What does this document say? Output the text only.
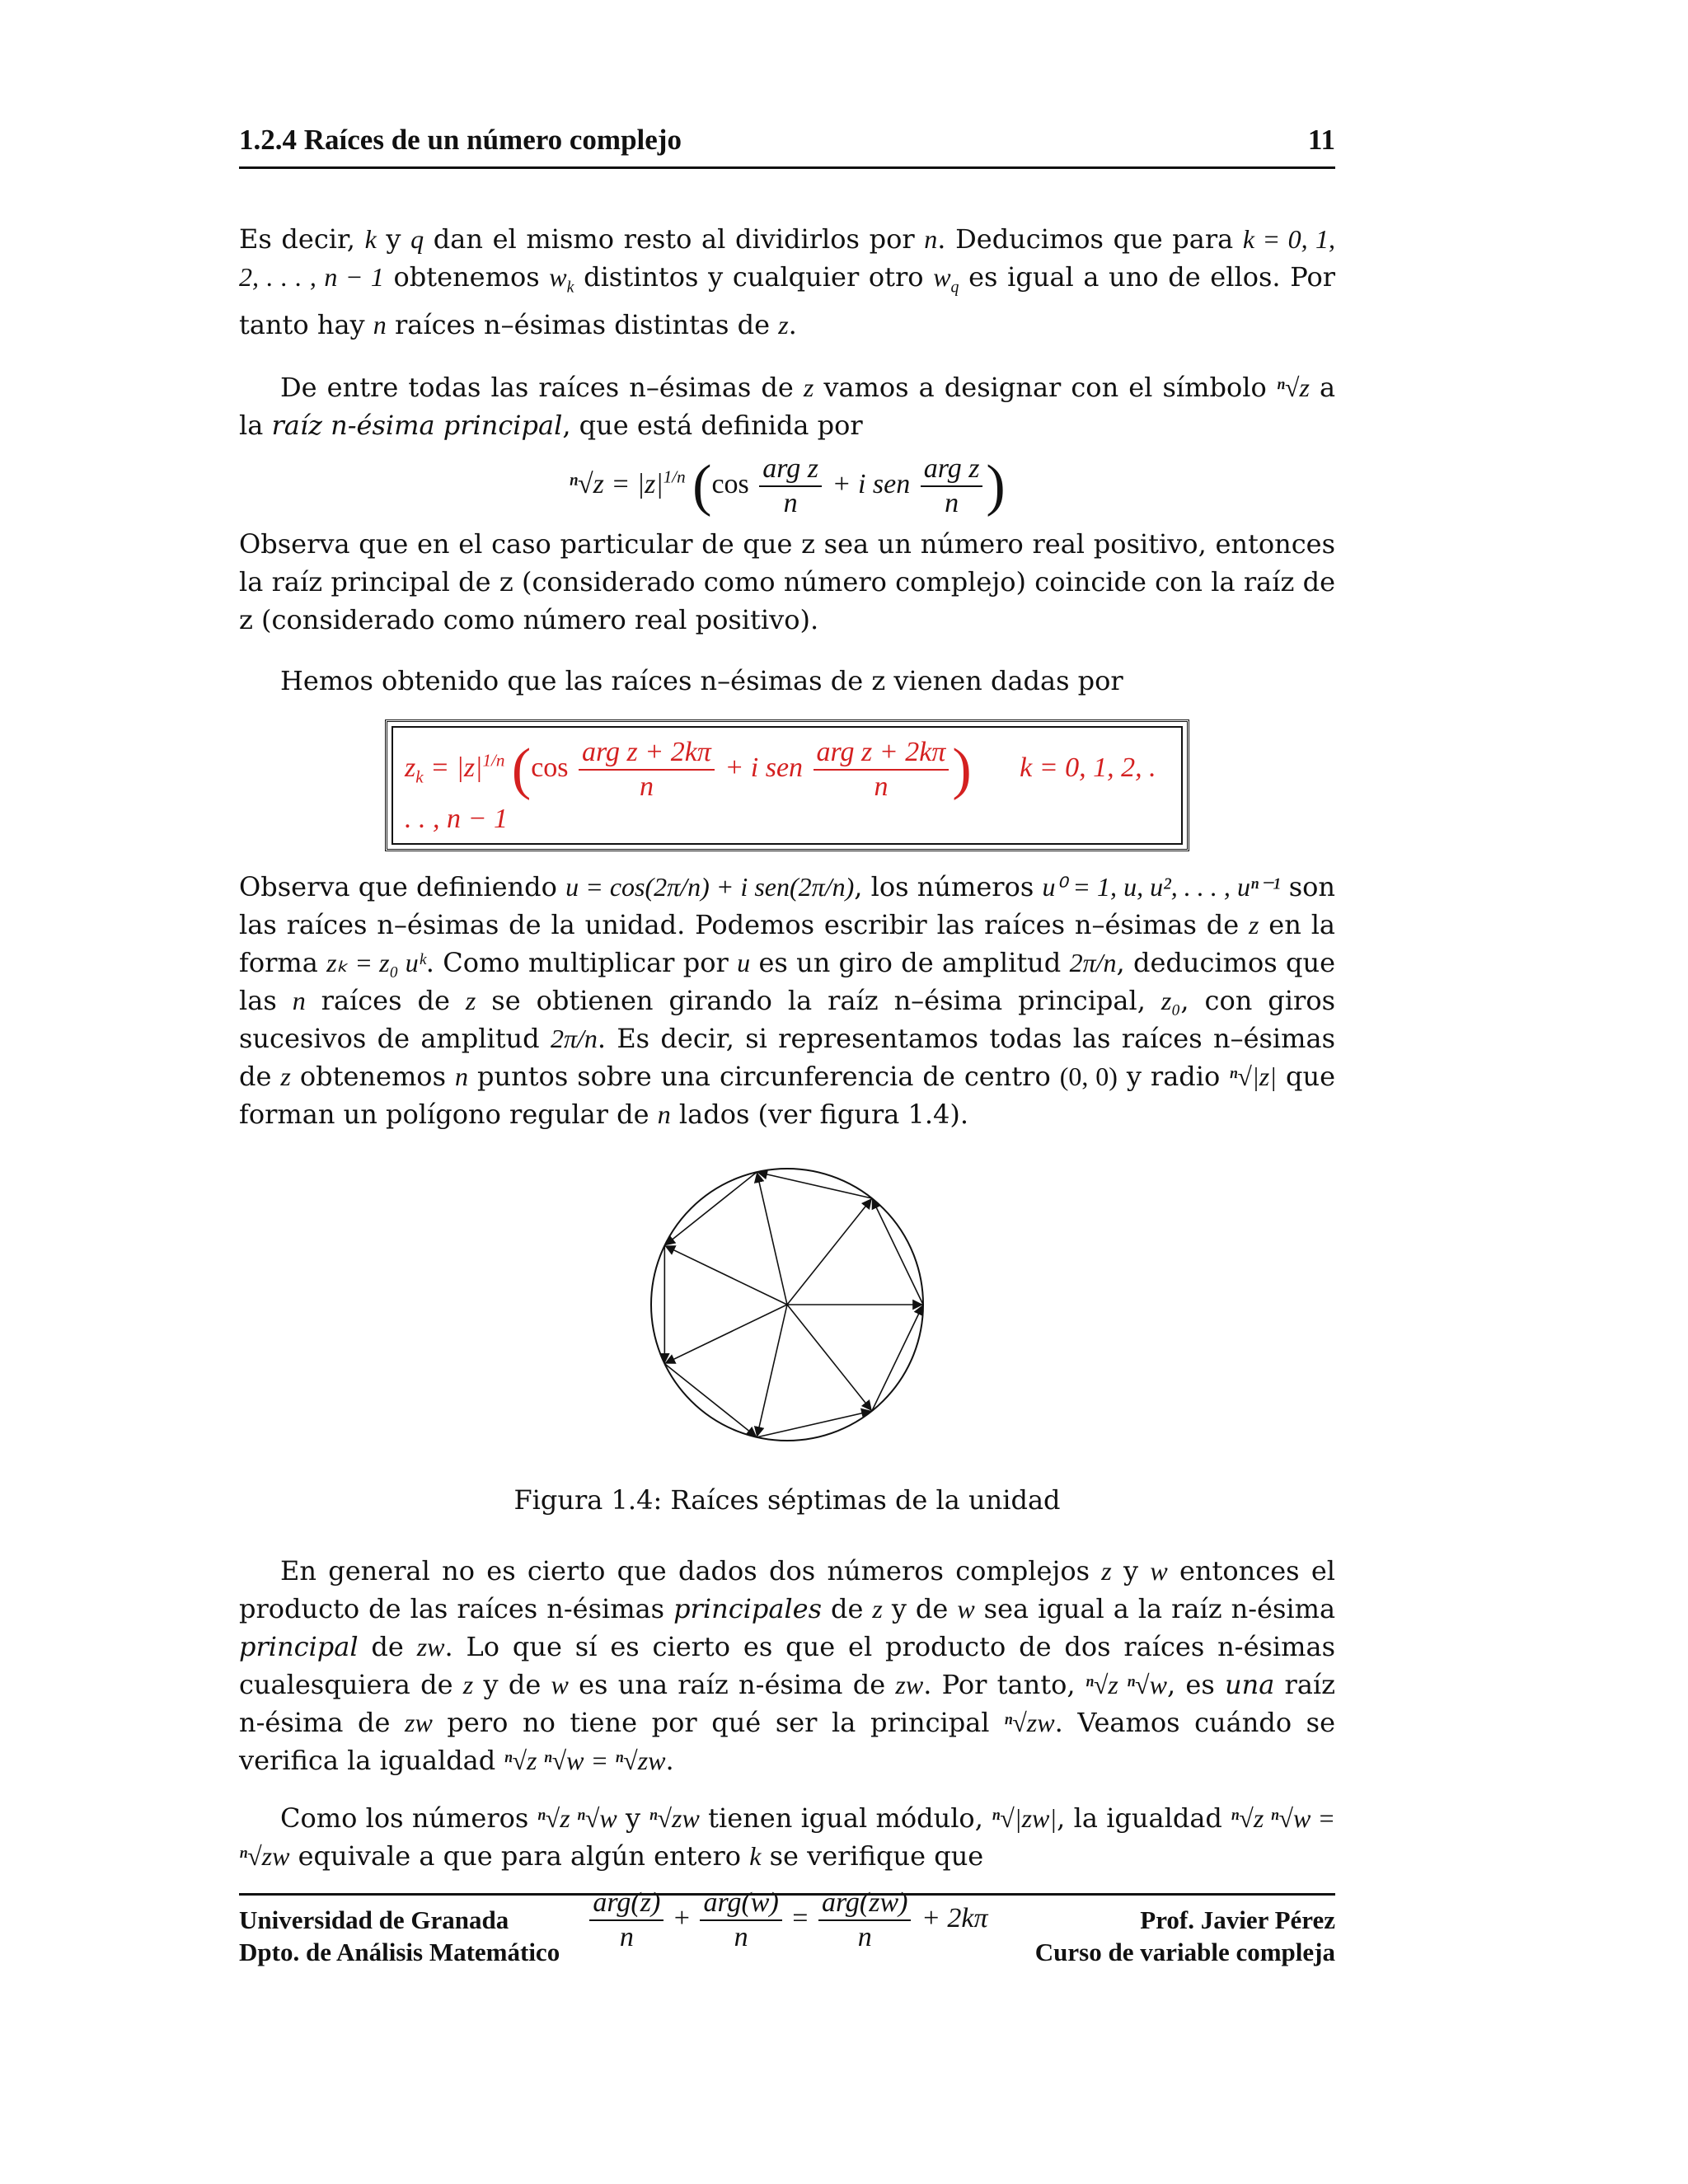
1.2.4 Raíces de un número complejo	11

Es decir, k y q dan el mismo resto al dividirlos por n. Deducimos que para k = 0, 1, 2, . . . , n − 1 obtenemos $w_k$ distintos y cualquier otro $w_q$ es igual a uno de ellos. Por tanto hay n raíces n–ésimas distintas de z.

De entre todas las raíces n–ésimas de z vamos a designar con el símbolo ⁿ√z a la raíz n-ésima principal, que está definida por

$^n√z = |z|^{1/n}$ ($\cos \frac{\text{arg z}}{n} + i$ sen $\frac{\text{arg z}}{n}$ )

Observa que en el caso particular de que z sea un número real positivo, entonces la raíz principal de z (considerado como número complejo) coincide con la raíz de z (considerado como número real positivo).

Hemos obtenido que las raíces n–ésimas de z vienen dadas por

$z_k = |z|^{1/n}$ ($\cos \frac{\text{arg z + 2kπ}}{n} + i$ sen $\frac{\text{arg z + 2kπ}}{n}$ ) k = 0, 1, 2, . . . , n − 1

Observa que definiendo u = cos(2π/n) + i sen(2π/n), los números u⁰ = 1, u, u², . . . , uⁿ⁻¹ son las raíces n–ésimas de la unidad. Podemos escribir las raíces n–ésimas de z en la forma zₖ = z₀ uᵏ. Como multiplicar por u es un giro de amplitud 2π/n, deducimos que las n raíces de z se obtienen girando la raíz n–ésima principal, z₀, con giros sucesivos de amplitud 2π/n. Es decir, si representamos todas las raíces n–ésimas de z obtenemos n puntos sobre una circunferencia de centro (0, 0) y radio ⁿ√|z| que forman un polígono regular de n lados (ver figura 1.4).

Figura 1.4: Raíces séptimas de la unidad

En general no es cierto que dados dos números complejos z y w entonces el producto de las raíces n-ésimas principales de z y de w sea igual a la raíz n-ésima principal de zw. Lo que sí es cierto es que el producto de dos raíces n-ésimas cualesquiera de z y de w es una raíz n-ésima de zw. Por tanto, ⁿ√z ⁿ√w, es una raíz n-ésima de zw pero no tiene por qué ser la principal ⁿ√zw. Veamos cuándo se verifica la igualdad ⁿ√z ⁿ√w = ⁿ√zw.

Como los números ⁿ√z ⁿ√w y ⁿ√zw tienen igual módulo, ⁿ√|zw|, la igualdad ⁿ√z ⁿ√w = ⁿ√zw equivale a que para algún entero k se verifique que

$\frac{\text{arg(z)}}{n} + \frac{\text{arg(w)}}{n} = \frac{\text{arg(zw)}}{n} + 2k\pi$
Universidad de Granada
Dpto. de Análisis Matemático
Prof. Javier Pérez
Curso de variable compleja
